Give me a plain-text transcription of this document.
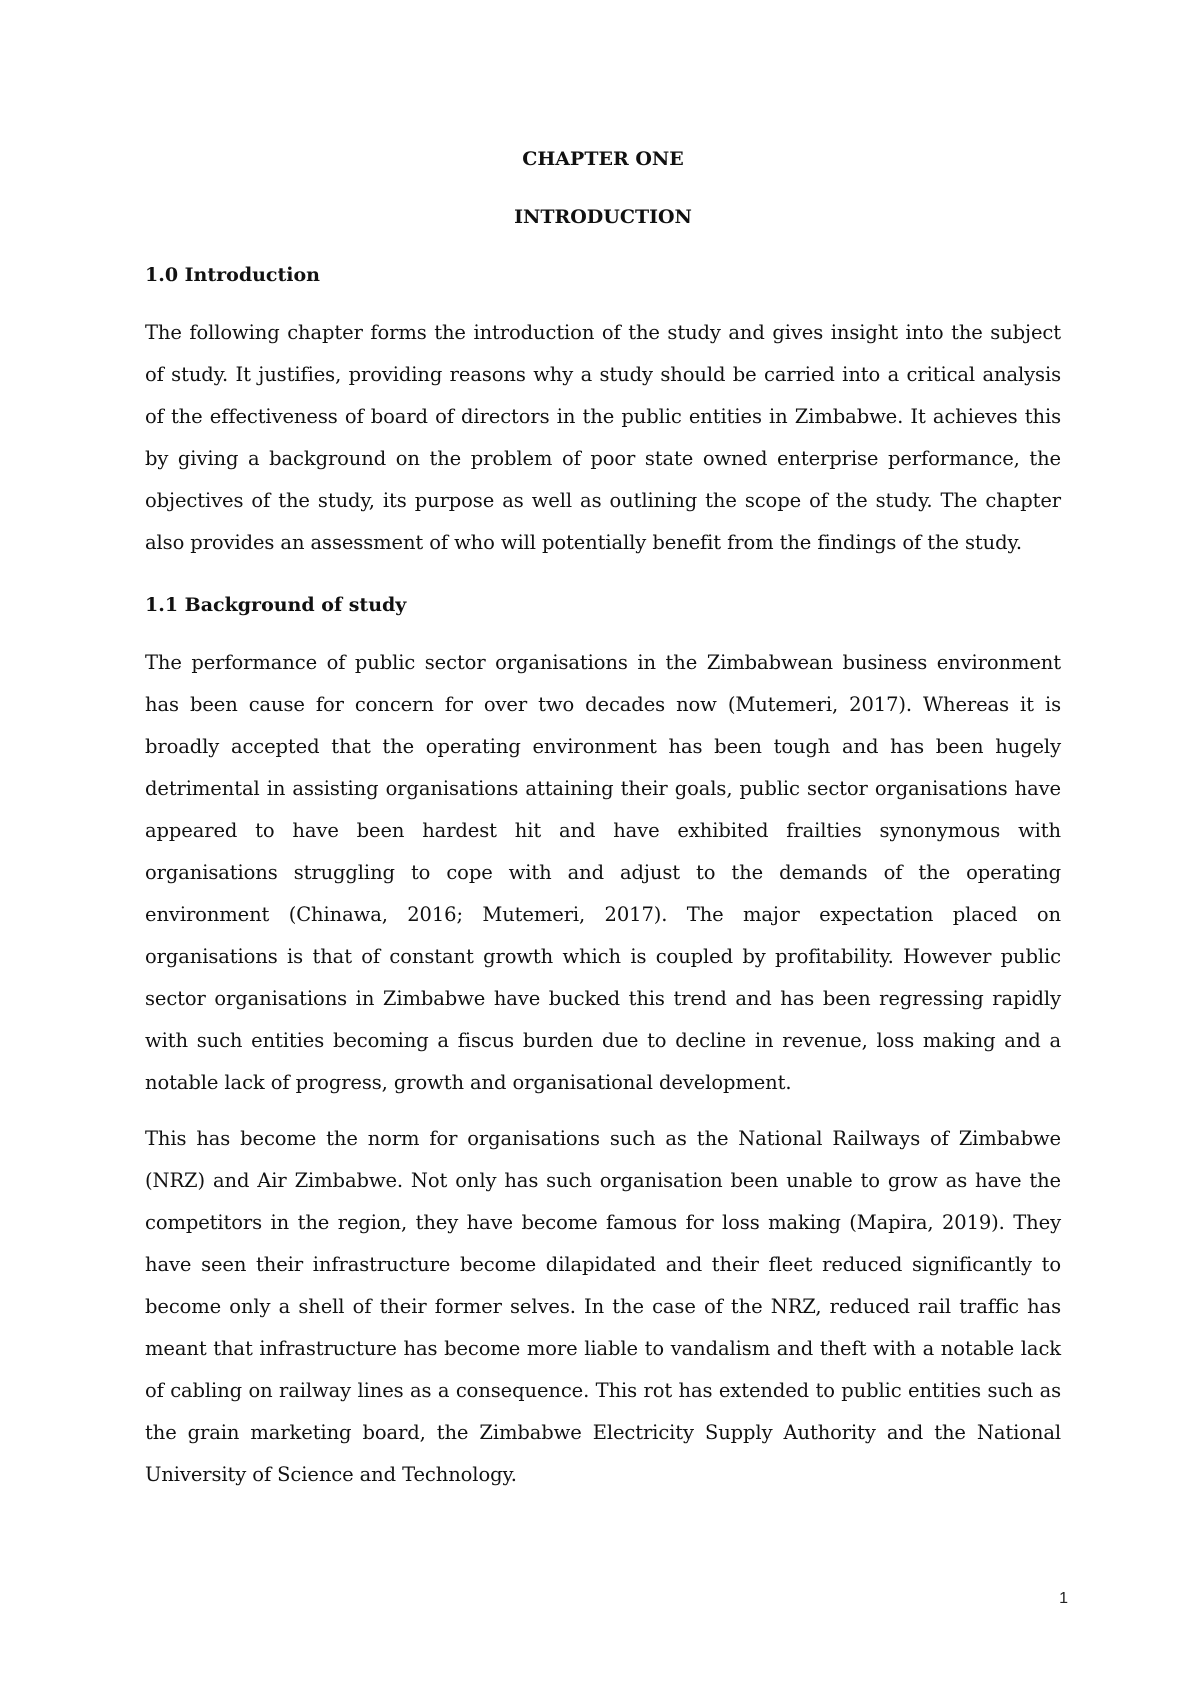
CHAPTER ONE
INTRODUCTION
1.0 Introduction

The following chapter forms the introduction of the study and gives insight into the subject of study. It justifies, providing reasons why a study should be carried into a critical analysis of the effectiveness of board of directors in the public entities in Zimbabwe. It achieves this by giving a background on the problem of poor state owned enterprise performance, the objectives of the study, its purpose as well as outlining the scope of the study. The chapter also provides an assessment of who will potentially benefit from the findings of the study.

1.1 Background of study

The performance of public sector organisations in the Zimbabwean business environment has been cause for concern for over two decades now (Mutemeri, 2017). Whereas it is broadly accepted that the operating environment has been tough and has been hugely detrimental in assisting organisations attaining their goals, public sector organisations have appeared to have been hardest hit and have exhibited frailties synonymous with organisations struggling to cope with and adjust to the demands of the operating environment (Chinawa, 2016; Mutemeri, 2017). The major expectation placed on organisations is that of constant growth which is coupled by profitability. However public sector organisations in Zimbabwe have bucked this trend and has been regressing rapidly with such entities becoming a fiscus burden due to decline in revenue, loss making and a notable lack of progress, growth and organisational development.

This has become the norm for organisations such as the National Railways of Zimbabwe (NRZ) and Air Zimbabwe. Not only has such organisation been unable to grow as have the competitors in the region, they have become famous for loss making (Mapira, 2019). They have seen their infrastructure become dilapidated and their fleet reduced significantly to become only a shell of their former selves. In the case of the NRZ, reduced rail traffic has meant that infrastructure has become more liable to vandalism and theft with a notable lack of cabling on railway lines as a consequence. This rot has extended to public entities such as the grain marketing board, the Zimbabwe Electricity Supply Authority and the National University of Science and Technology.

1
